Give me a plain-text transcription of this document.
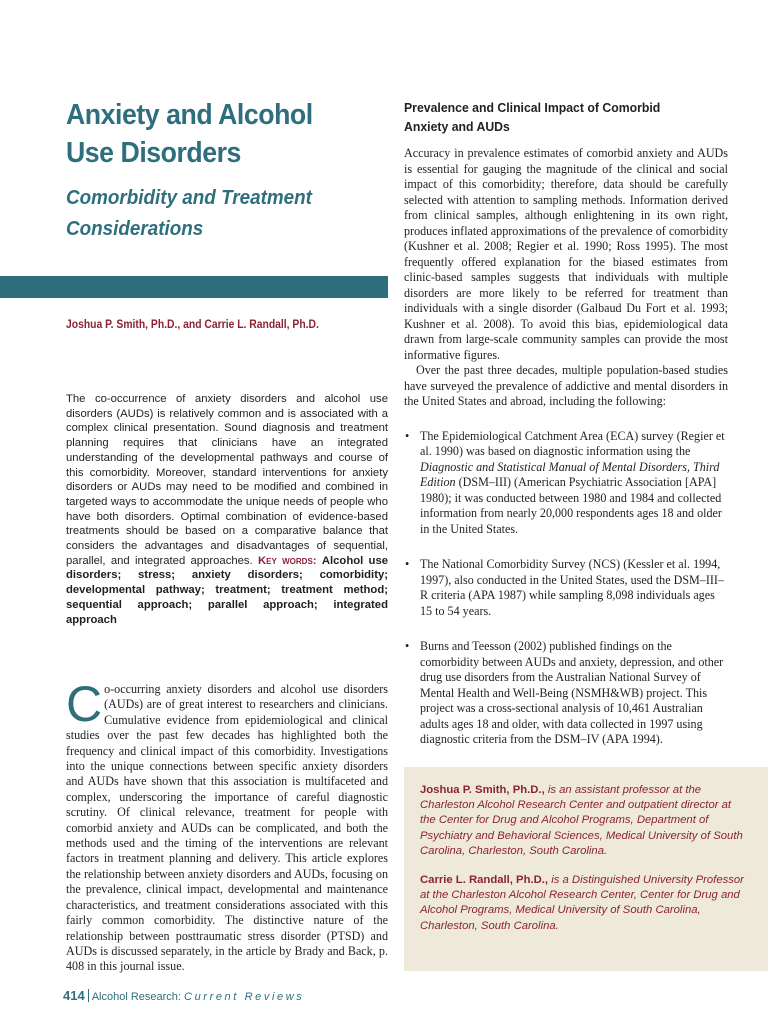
Anxiety and Alcohol Use Disorders
Comorbidity and Treatment Considerations
Joshua P. Smith, Ph.D., and Carrie L. Randall, Ph.D.
The co-occurrence of anxiety disorders and alcohol use disorders (AUDs) is relatively common and is associated with a complex clinical presentation. Sound diagnosis and treatment planning requires that clinicians have an integrated understanding of the developmental pathways and course of this comorbidity. Moreover, standard interventions for anxiety disorders or AUDs may need to be modified and combined in targeted ways to accommodate the unique needs of people who have both disorders. Optimal combination of evidence-based treatments should be based on a comparative balance that considers the advantages and disadvantages of sequential, parallel, and integrated approaches. Key words: Alcohol use disorders; stress; anxiety disorders; comorbidity; developmental pathway; treatment; treatment method; sequential approach; parallel approach; integrated approach
Co-occurring anxiety disorders and alcohol use disorders (AUDs) are of great interest to researchers and clinicians. Cumulative evidence from epidemiological and clinical studies over the past few decades has highlighted both the frequency and clinical impact of this comorbidity. Investigations into the unique connections between specific anxiety disorders and AUDs have shown that this association is multifaceted and complex, underscoring the importance of careful diagnostic scrutiny. Of clinical relevance, treatment for people with comorbid anxiety and AUDs can be complicated, and both the methods used and the timing of the interventions are relevant factors in treatment planning and delivery. This article explores the relationship between anxiety disorders and AUDs, focusing on the prevalence, clinical impact, developmental and maintenance characteristics, and treatment considerations associated with this fairly common comorbidity. The distinctive nature of the relationship between posttraumatic stress disorder (PTSD) and AUDs is discussed separately, in the article by Brady and Back, p. 408 in this journal issue.
414 Alcohol Research: Current Reviews
Prevalence and Clinical Impact of Comorbid Anxiety and AUDs

Accuracy in prevalence estimates of comorbid anxiety and AUDs is essential for gauging the magnitude of the clinical and social impact of this comorbidity; therefore, data should be carefully selected with attention to sampling methods. Information derived from clinical samples, although enlightening in its own right, produces inflated approximations of the prevalence of comorbidity (Kushner et al. 2008; Regier et al. 1990; Ross 1995). The most frequently offered explanation for the biased estimates from clinic-based samples suggests that individuals with multiple disorders are more likely to be referred for treatment than individuals with a single disorder (Galbaud Du Fort et al. 1993; Kushner et al. 2008). To avoid this bias, epidemiological data drawn from large-scale community samples can provide the most informative figures.

Over the past three decades, multiple population-based studies have surveyed the prevalence of addictive and mental disorders in the United States and abroad, including the following:

• The Epidemiological Catchment Area (ECA) survey (Regier et al. 1990) was based on diagnostic information using the Diagnostic and Statistical Manual of Mental Disorders, Third Edition (DSM–III) (American Psychiatric Association [APA] 1980); it was conducted between 1980 and 1984 and collected information from nearly 20,000 respondents ages 18 and older in the United States.
• The National Comorbidity Survey (NCS) (Kessler et al. 1994, 1997), also conducted in the United States, used the DSM–III–R criteria (APA 1987) while sampling 8,098 individuals ages 15 to 54 years.
• Burns and Teesson (2002) published findings on the comorbidity between AUDs and anxiety, depression, and other drug use disorders from the Australian National Survey of Mental Health and Well-Being (NSMH&WB) project. This project was a cross-sectional analysis of 10,461 Australian adults ages 18 and older, with data collected in 1997 using diagnostic criteria from the DSM–IV (APA 1994).

Joshua P. Smith, Ph.D., is an assistant professor at the Charleston Alcohol Research Center and outpatient director at the Center for Drug and Alcohol Programs, Department of Psychiatry and Behavioral Sciences, Medical University of South Carolina, Charleston, South Carolina.

Carrie L. Randall, Ph.D., is a Distinguished University Professor at the Charleston Alcohol Research Center, Center for Drug and Alcohol Programs, Medical University of South Carolina, Charleston, South Carolina.
